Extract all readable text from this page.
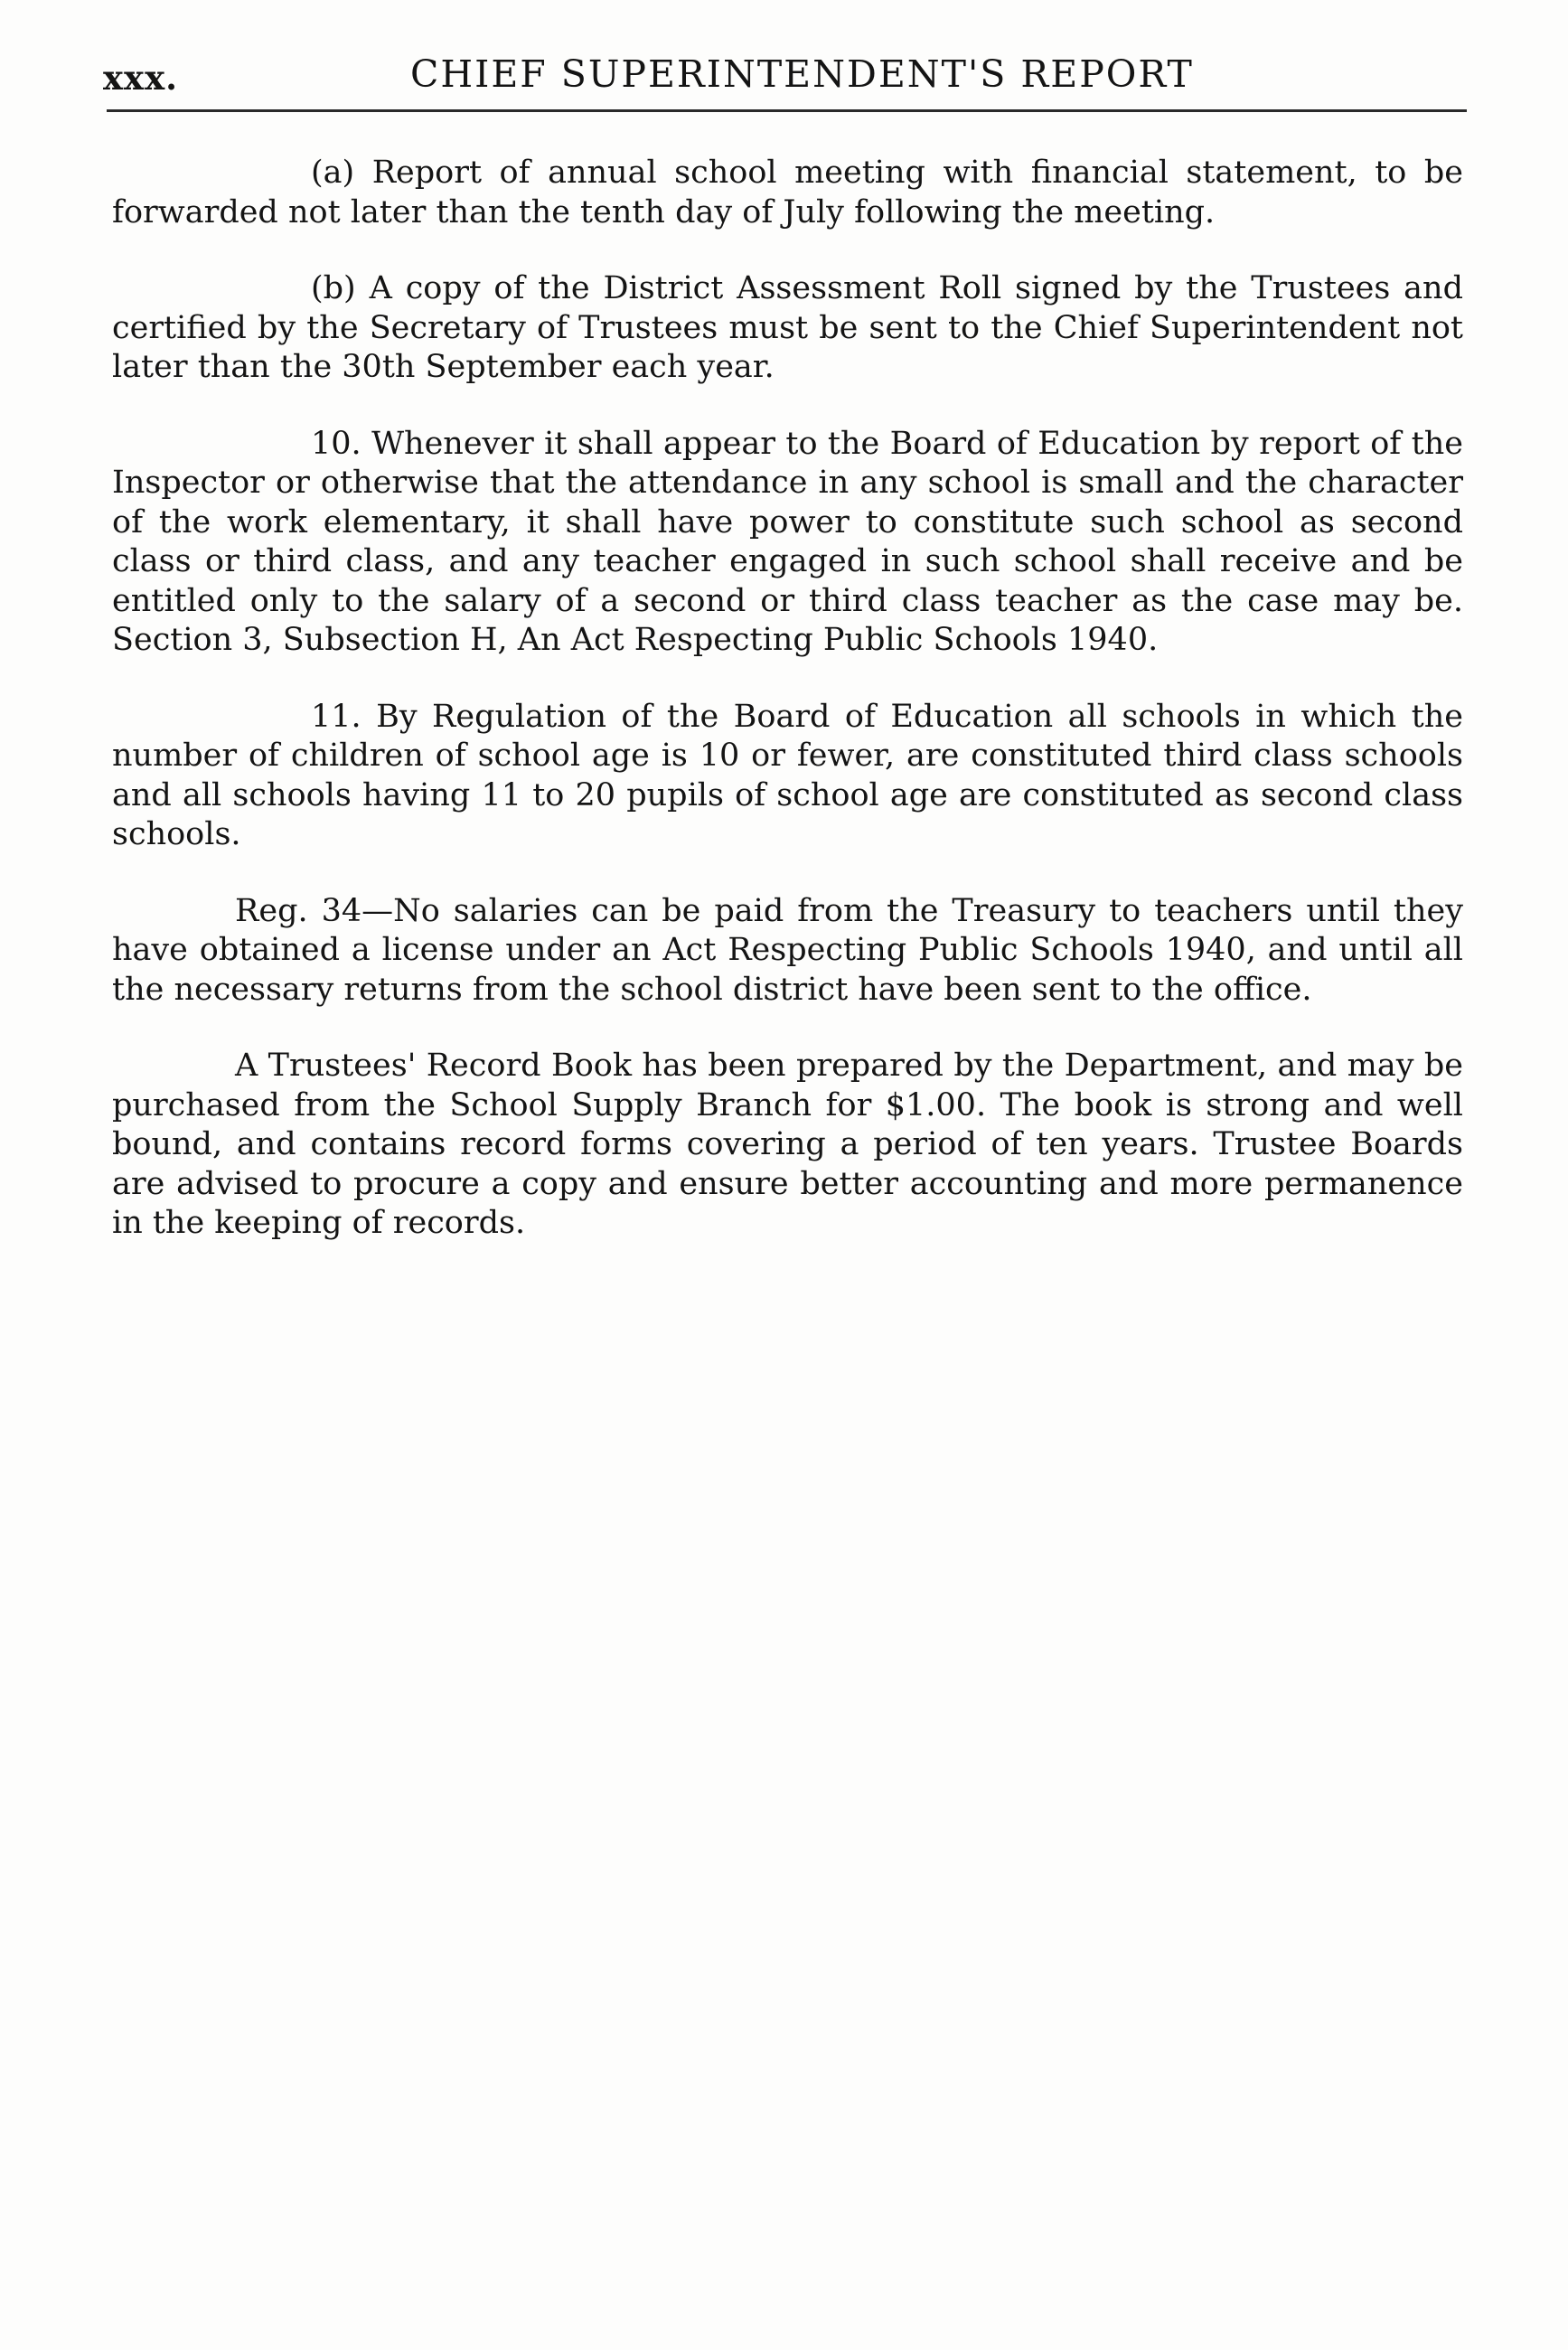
xxx.	CHIEF SUPERINTENDENT'S REPORT

(a) Report of annual school meeting with financial statement, to be forwarded not later than the tenth day of July following the meeting.

(b) A copy of the District Assessment Roll signed by the Trustees and certified by the Secretary of Trustees must be sent to the Chief Superintendent not later than the 30th September each year.

10. Whenever it shall appear to the Board of Education by report of the Inspector or otherwise that the attendance in any school is small and the character of the work elementary, it shall have power to constitute such school as second class or third class, and any teacher engaged in such school shall receive and be entitled only to the salary of a second or third class teacher as the case may be. Section 3, Subsection H, An Act Respecting Public Schools 1940.

11. By Regulation of the Board of Education all schools in which the number of children of school age is 10 or fewer, are constituted third class schools and all schools having 11 to 20 pupils of school age are constituted as second class schools.

Reg. 34—No salaries can be paid from the Treasury to teachers until they have obtained a license under an Act Respecting Public Schools 1940, and until all the necessary returns from the school district have been sent to the office.

A Trustees' Record Book has been prepared by the Department, and may be purchased from the School Supply Branch for $1.00. The book is strong and well bound, and contains record forms covering a period of ten years. Trustee Boards are advised to procure a copy and ensure better accounting and more permanence in the keeping of records.
